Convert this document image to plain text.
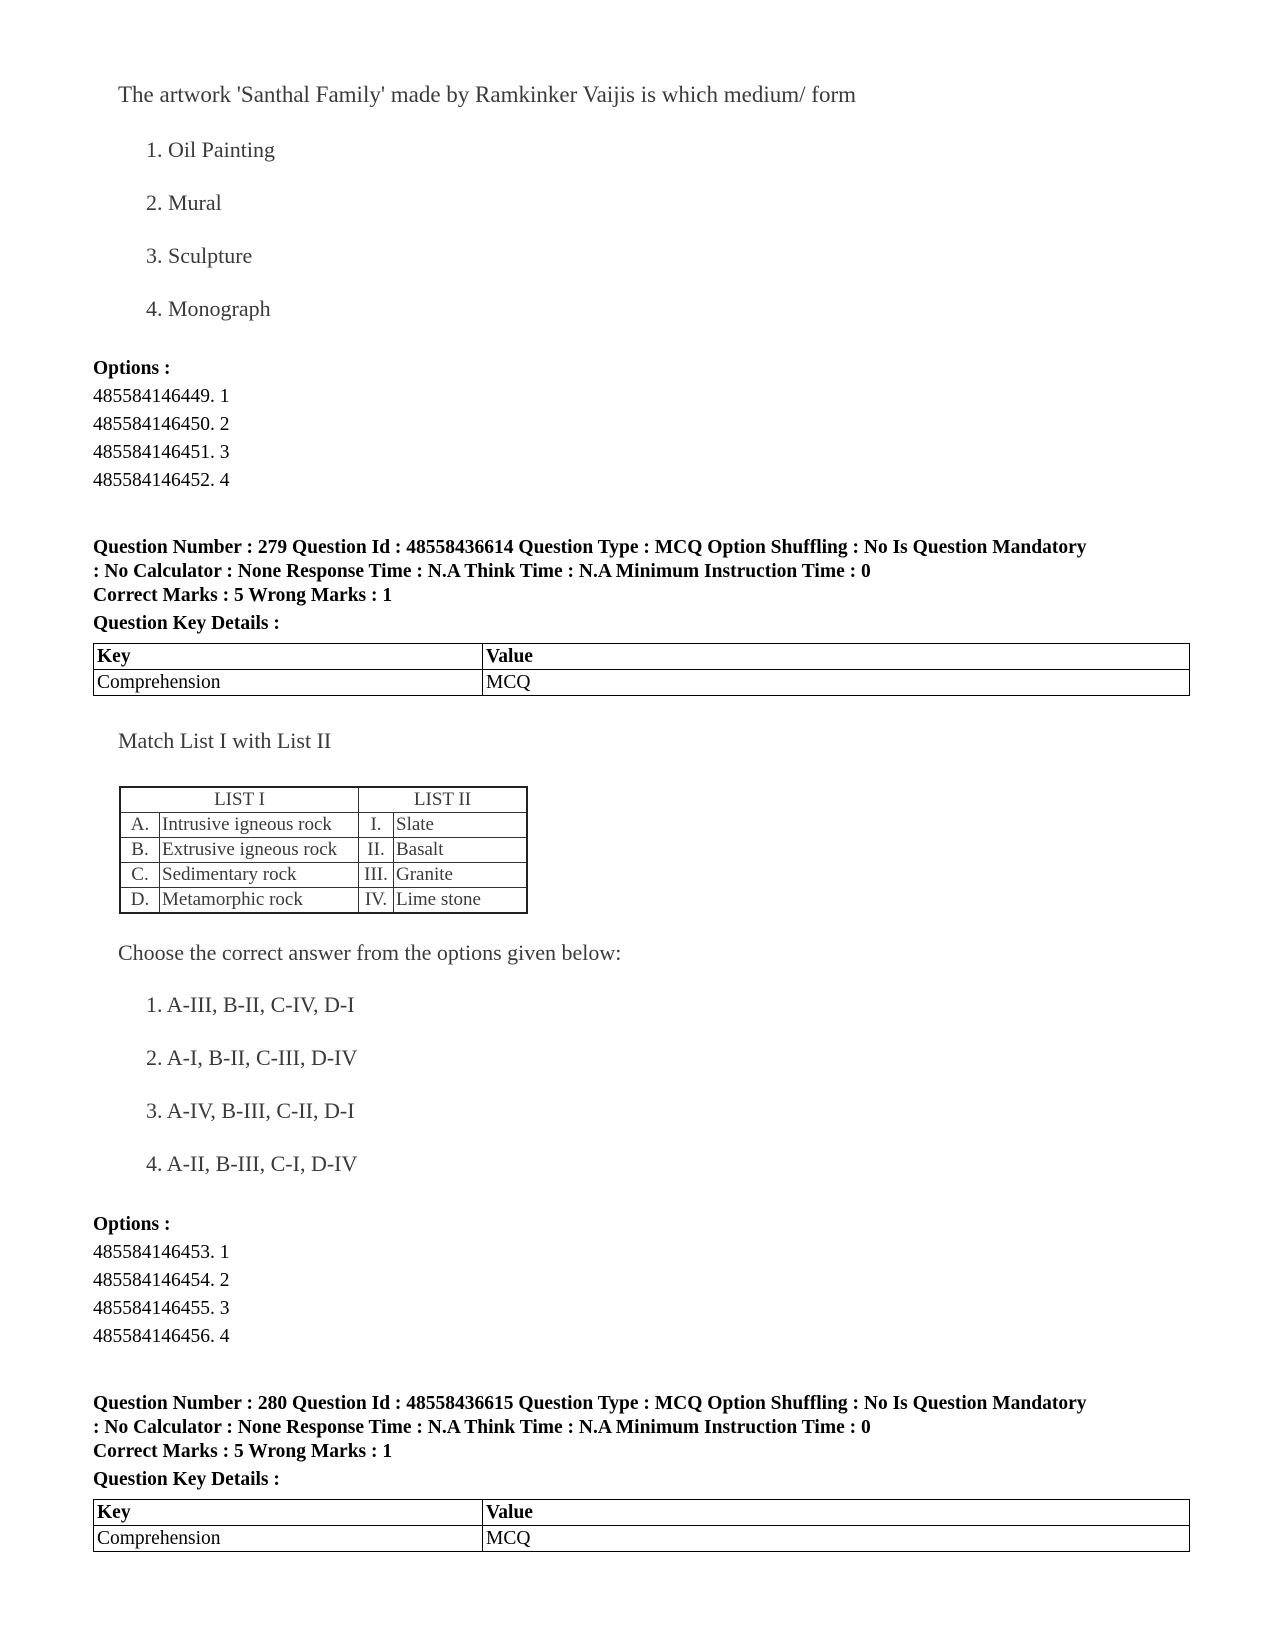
The artwork 'Santhal Family' made by Ramkinker Vaijis is which medium/ form
1. Oil Painting
2. Mural
3. Sculpture
4. Monograph
Options :
485584146449. 1
485584146450. 2
485584146451. 3
485584146452. 4
Question Number : 279 Question Id : 48558436614 Question Type : MCQ Option Shuffling : No Is Question Mandatory
: No Calculator : None Response Time : N.A Think Time : N.A Minimum Instruction Time : 0
Correct Marks : 5 Wrong Marks : 1
Question Key Details :
Key	Value
Comprehension	MCQ
Match List I with List II
LIST I		LIST II	
A.	Intrusive igneous rock	I.	Slate
B.	Extrusive igneous rock	II.	Basalt
C.	Sedimentary rock	III.	Granite
D.	Metamorphic rock	IV.	Lime stone
Choose the correct answer from the options given below:
1. A-III, B-II, C-IV, D-I
2. A-I, B-II, C-III, D-IV
3. A-IV, B-III, C-II, D-I
4. A-II, B-III, C-I, D-IV
Options :
485584146453. 1
485584146454. 2
485584146455. 3
485584146456. 4
Question Number : 280 Question Id : 48558436615 Question Type : MCQ Option Shuffling : No Is Question Mandatory
: No Calculator : None Response Time : N.A Think Time : N.A Minimum Instruction Time : 0
Correct Marks : 5 Wrong Marks : 1
Question Key Details :
Key	Value
Comprehension	MCQ
